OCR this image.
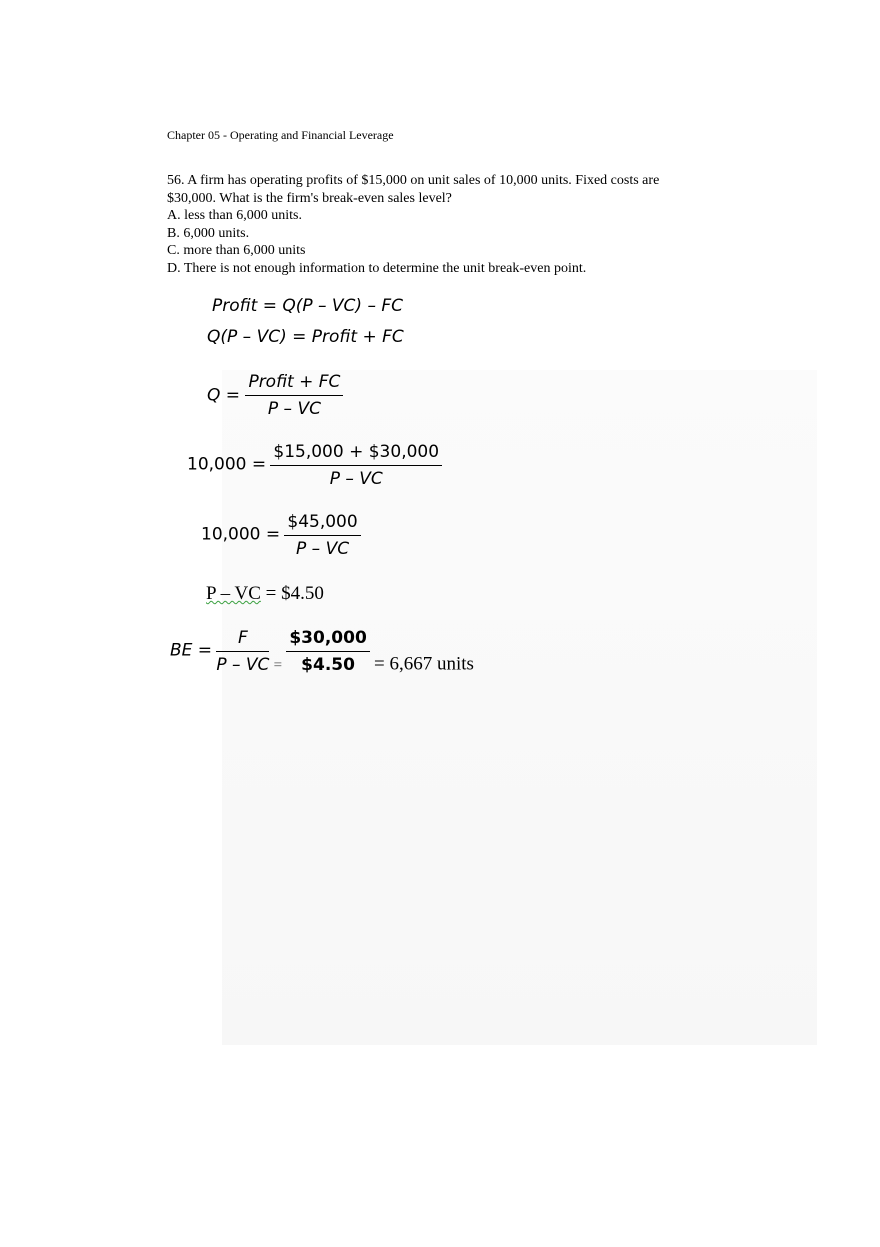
Chapter 05 - Operating and Financial Leverage
56. A firm has operating profits of $15,000 on unit sales of 10,000 units. Fixed costs are
$30,000. What is the firm's break-even sales level?
A. less than 6,000 units.
B. 6,000 units.
C. more than 6,000 units
D. There is not enough information to determine the unit break-even point.
Profit = Q(P – VC) – FC
Q(P – VC) = Profit + FC
$Q = \frac{\text{Profit + FC}}{P - VC}$
$10,000 = \frac{\$15,000 + \$30,000}{P - VC}$
$10,000 = \frac{\$45,000}{P - VC}$
P – VC = $4.50
BE = $\frac{F}{P - VC} = \frac{\$30,000}{\$4.50} = 6,667$ units
